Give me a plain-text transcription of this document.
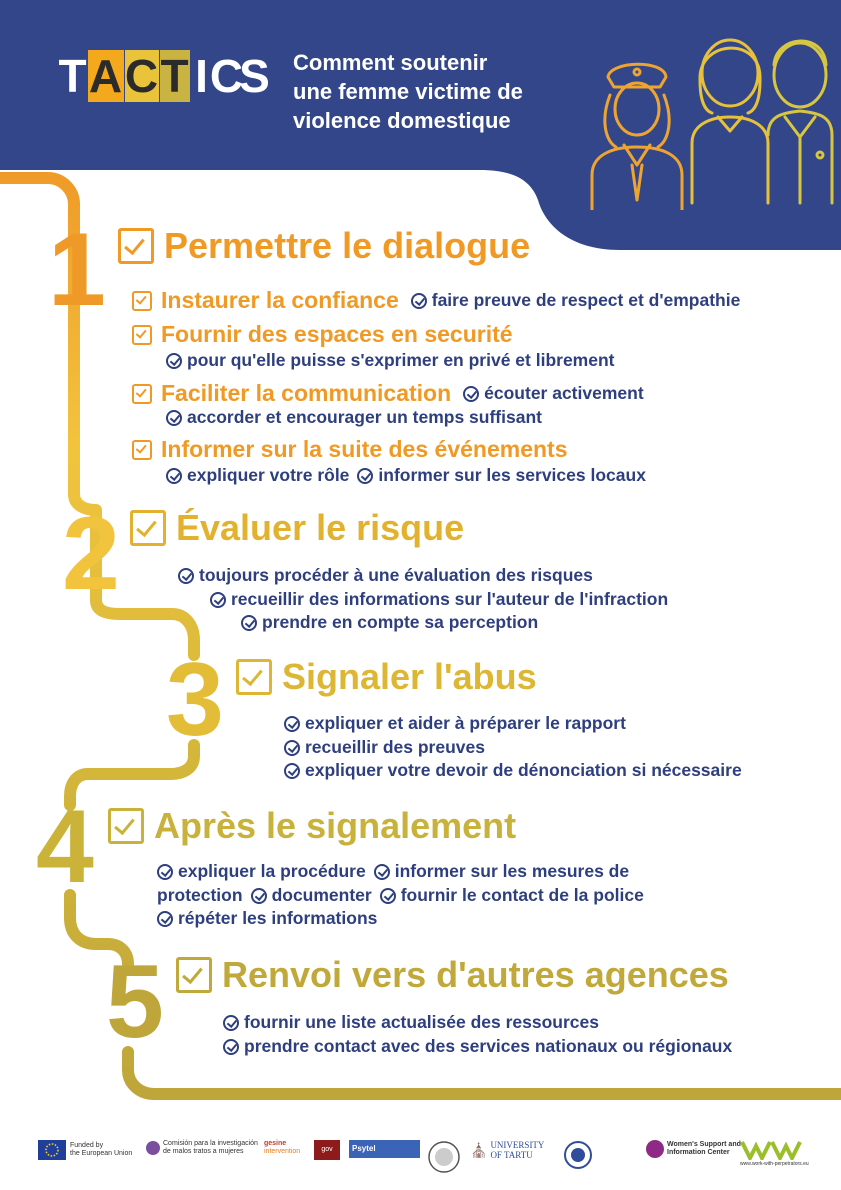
T A C T I C
S Comment soutenir
une femme victime de
violence domestique
1 Permettre le dialogue
Instaurer la confiance faire preuve de respect et d'empathie
Fournir des espaces en securité
pour qu'elle puisse s'exprimer en privé et librement
Faciliter la communication écouter activement
accorder et encourager un temps suffisant
Informer sur la suite des événements
expliquer votre rôle informer sur les services locaux
2 Évaluer le risque
toujours procéder à une évaluation des risques
recueillir des informations sur l'auteur de l'infraction
prendre en compte sa perception
3 Signaler l'abus
expliquer et aider à préparer le rapport
recueillir des preuves
expliquer votre devoir de dénonciation si nécessaire
4 Après le signalement
expliquer la procédure informer sur les mesures de
protection documenter fournir le contact de la police
répéter les informations
5 Renvoi vers d'autres agences
fournir une liste actualisée des ressources
prendre contact avec des services nationaux ou régionaux
Funded by
the European Union
Comisión para la investigación
de malos tratos a mujeres
gesine
intervention	gov	Psytel	⛪ UNIVERSITY
OF TARTU
Women's Support and
Information Center
www.work-with-perpetrators.eu
